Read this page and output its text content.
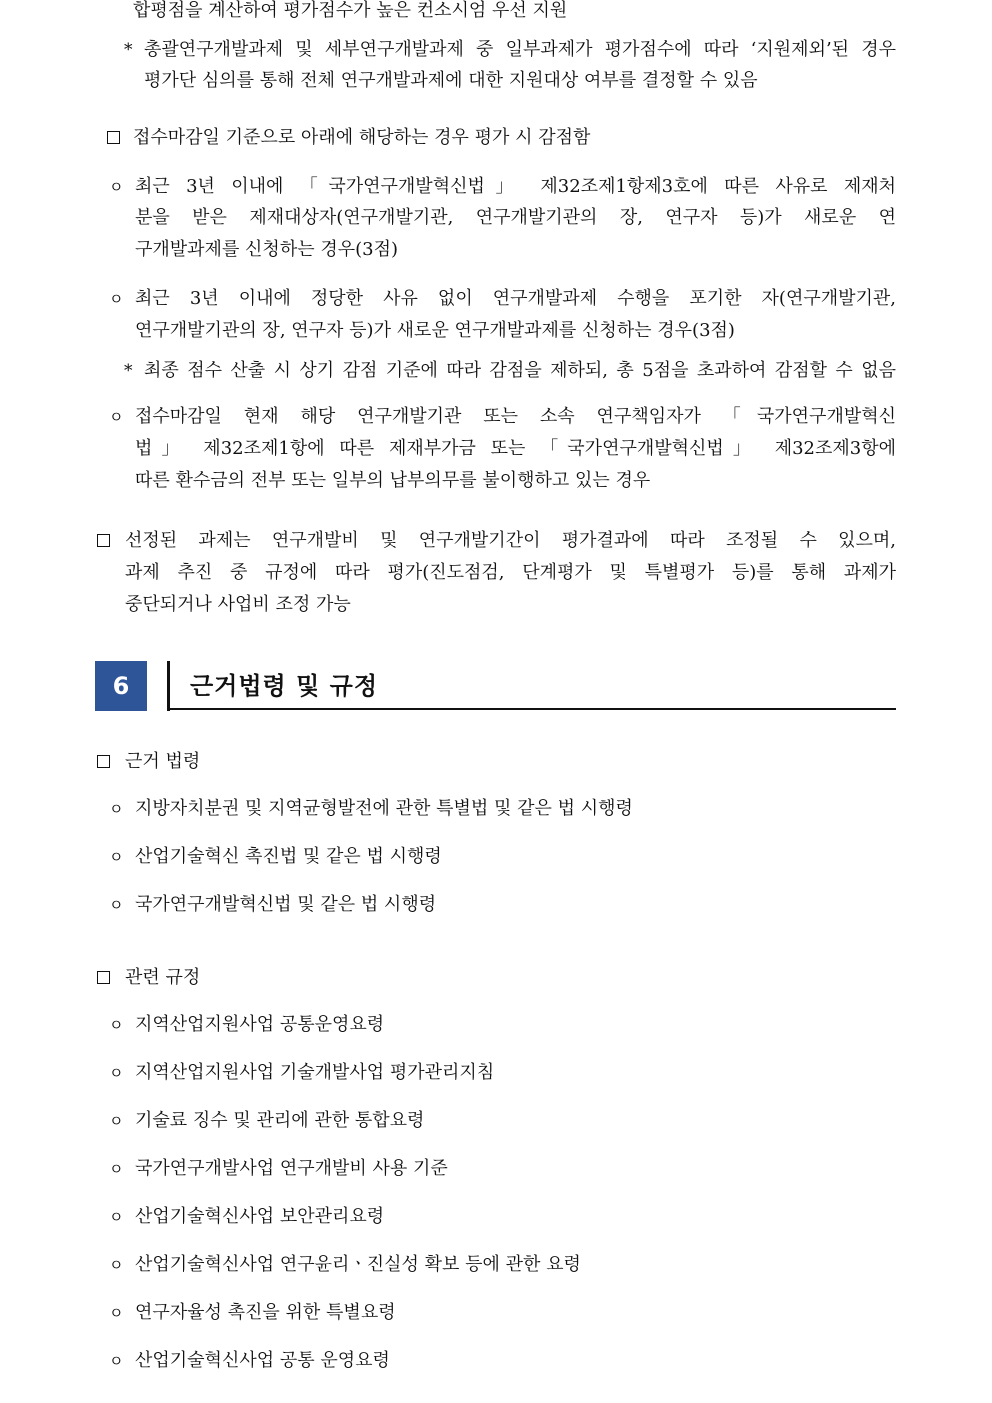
합평점을 계산하여 평가점수가 높은 컨소시엄 우선 지원
* 총괄연구개발과제 및 세부연구개발과제 중 일부과제가 평가점수에 따라 ‘지원제외’된 경우
평가단 심의를 통해 전체 연구개발과제에 대한 지원대상 여부를 결정할 수 있음
접수마감일 기준으로 아래에 해당하는 경우 평가 시 감점함
ㅇ 최근 3년 이내에 「국가연구개발혁신법」 제32조제1항제3호에 따른 사유로 제재처
분을 받은 제재대상자(연구개발기관, 연구개발기관의 장, 연구자 등)가 새로운 연
구개발과제를 신청하는 경우(3점)
ㅇ 최근 3년 이내에 정당한 사유 없이 연구개발과제 수행을 포기한 자(연구개발기관,
연구개발기관의 장, 연구자 등)가 새로운 연구개발과제를 신청하는 경우(3점)
* 최종 점수 산출 시 상기 감점 기준에 따라 감점을 제하되, 총 5점을 초과하여 감점할 수 없음
ㅇ 접수마감일 현재 해당 연구개발기관 또는 소속 연구책임자가 「국가연구개발혁신
법」 제32조제1항에 따른 제재부가금 또는 「국가연구개발혁신법」 제32조제3항에
따른 환수금의 전부 또는 일부의 납부의무를 불이행하고 있는 경우
선정된 과제는 연구개발비 및 연구개발기간이 평가결과에 따라 조정될 수 있으며,
과제 추진 중 규정에 따라 평가(진도점검, 단계평가 및 특별평가 등)를 통해 과제가
중단되거나 사업비 조정 가능
6	근거법령 및 규정
근거 법령
ㅇ 지방자치분권 및 지역균형발전에 관한 특별법 및 같은 법 시행령
ㅇ 산업기술혁신 촉진법 및 같은 법 시행령
ㅇ 국가연구개발혁신법 및 같은 법 시행령
관련 규정
ㅇ 지역산업지원사업 공통운영요령
ㅇ 지역산업지원사업 기술개발사업 평가관리지침
ㅇ 기술료 징수 및 관리에 관한 통합요령
ㅇ 국가연구개발사업 연구개발비 사용 기준
ㅇ 산업기술혁신사업 보안관리요령
ㅇ 산업기술혁신사업 연구윤리ㆍ진실성 확보 등에 관한 요령
ㅇ 연구자율성 촉진을 위한 특별요령
ㅇ 산업기술혁신사업 공통 운영요령
